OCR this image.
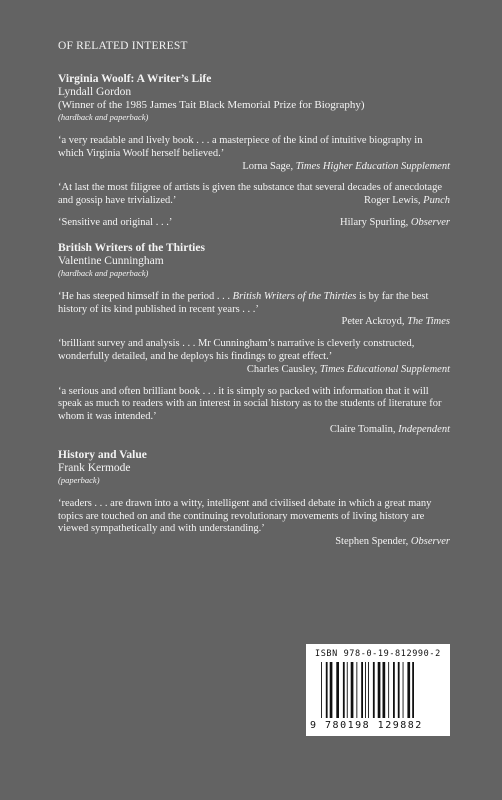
OF RELATED INTEREST
Virginia Woolf: A Writer’s Life
Lyndall Gordon
(Winner of the 1985 James Tait Black Memorial Prize for Biography)
(hardback and paperback)
‘a very readable and lively book . . . a masterpiece of the kind of intuitive biography in which Virginia Woolf herself believed.’
Lorna Sage, Times Higher Education Supplement
‘At last the most filigree of artists is given the substance that several decades of anecdotage and gossip have trivialized.’	Roger Lewis, Punch
‘Sensitive and original . . .’	Hilary Spurling, Observer
British Writers of the Thirties
Valentine Cunningham
(hardback and paperback)
‘He has steeped himself in the period . . . British Writers of the Thirties is by far the best history of its kind published in recent years . . .’
Peter Ackroyd, The Times
‘brilliant survey and analysis . . . Mr Cunningham’s narrative is cleverly constructed, wonderfully detailed, and he deploys his findings to great effect.’
Charles Causley, Times Educational Supplement
‘a serious and often brilliant book . . . it is simply so packed with information that it will speak as much to readers with an interest in social history as to the students of literature for whom it was intended.’
Claire Tomalin, Independent
History and Value
Frank Kermode
(paperback)
‘readers . . . are drawn into a witty, intelligent and civilised debate in which a great many topics are touched on and the continuing revolutionary movements of living history are viewed sympathetically and with understanding.’
Stephen Spender, Observer
ISBN 978-0-19-812990-2
9 780198 129882
